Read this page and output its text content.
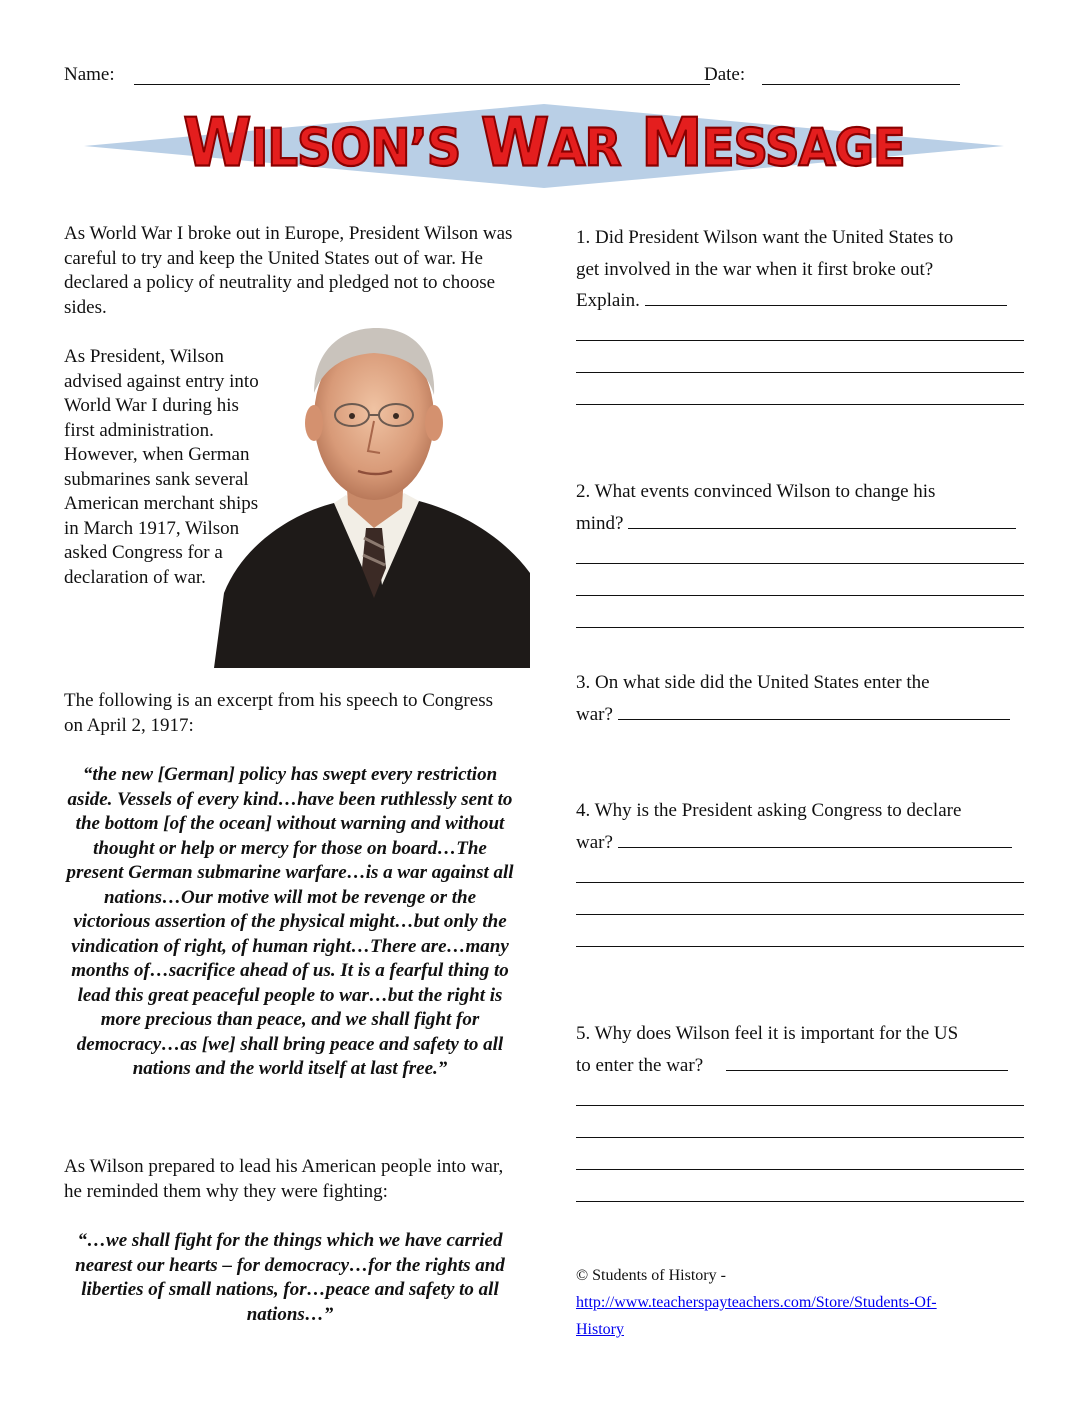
Name:	Date:
WILSON’S WAR MESSAGE

As World War I broke out in Europe, President Wilson was careful to try and keep the United States out of war. He declared a policy of neutrality and pledged not to choose sides.

As President, Wilson advised against entry into World War I during his first administration. However, when German submarines sank several American merchant ships in March 1917, Wilson asked Congress for a declaration of war.

The following is an excerpt from his speech to Congress on April 2, 1917:

“the new [German] policy has swept every restriction aside. Vessels of every kind…have been ruthlessly sent to the bottom [of the ocean] without warning and without thought or help or mercy for those on board…The present German submarine warfare…is a war against all nations…Our motive will mot be revenge or the victorious assertion of the physical might…but only the vindication of right, of human right…There are…many months of…sacrifice ahead of us. It is a fearful thing to lead this great peaceful people to war…but the right is more precious than peace, and we shall fight for democracy…as [we] shall bring peace and safety to all nations and the world itself at last free.”

As Wilson prepared to lead his American people into war, he reminded them why they were fighting:

“…we shall fight for the things which we have carried nearest our hearts – for democracy…for the rights and liberties of small nations, for…peace and safety to all nations…”

1. Did President Wilson want the United States to
get involved in the war when it first broke out?
Explain.
2. What events convinced Wilson to change his
mind?
3. On what side did the United States enter the
war?
4. Why is the President asking Congress to declare
war?
5. Why does Wilson feel it is important for the US
to enter the war?
© Students of History -
http://www.teacherspayteachers.com/Store/Students-Of-
History
